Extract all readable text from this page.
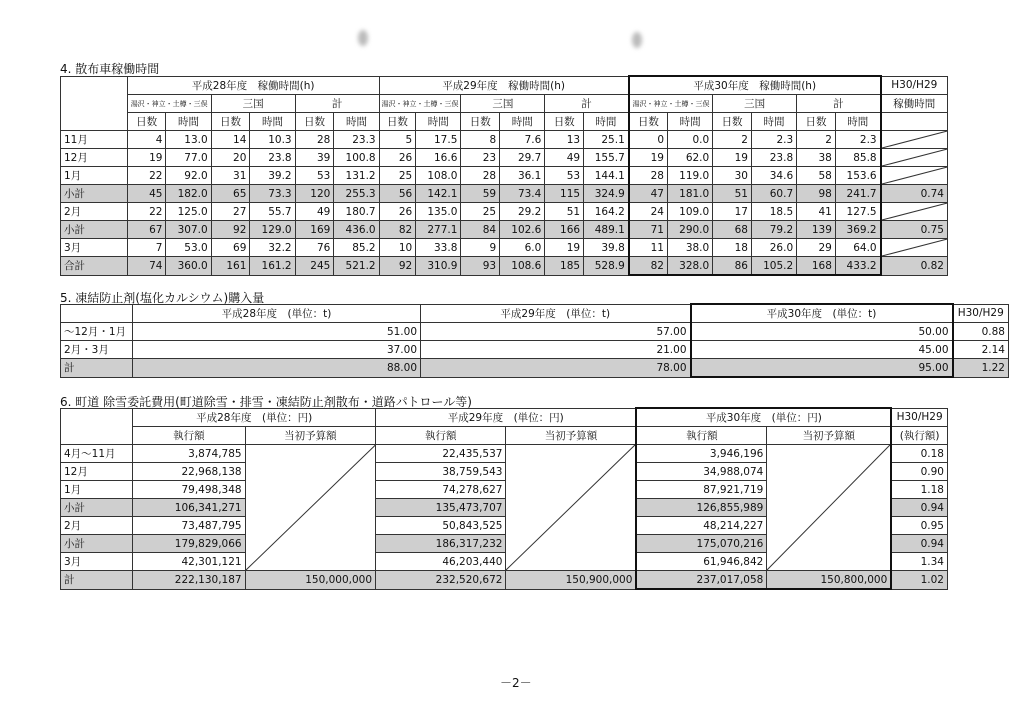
4. 散布車稼働時間
	平成28年度　稼働時間(h)						平成29年度　稼働時間(h)						平成30年度　稼働時間(h)						H30/H29
	湯沢・神立・土樽・三俣		三国		計		湯沢・神立・土樽・三俣		三国		計		湯沢・神立・土樽・三俣		三国		計		稼働時間
	日数	時間	日数	時間	日数	時間	日数	時間	日数	時間	日数	時間	日数	時間	日数	時間	日数	時間	
11月	4	13.0	14	10.3	28	23.3	5	17.5	8	7.6	13	25.1	0	0.0	2	2.3	2	2.3	

12月	19	77.0	20	23.8	39	100.8	26	16.6	23	29.7	49	155.7	19	62.0	19	23.8	38	85.8	

1月	22	92.0	31	39.2	53	131.2	25	108.0	28	36.1	53	144.1	28	119.0	30	34.6	58	153.6	

小計	45	182.0	65	73.3	120	255.3	56	142.1	59	73.4	115	324.9	47	181.0	51	60.7	98	241.7	0.74
2月	22	125.0	27	55.7	49	180.7	26	135.0	25	29.2	51	164.2	24	109.0	17	18.5	41	127.5	

小計	67	307.0	92	129.0	169	436.0	82	277.1	84	102.6	166	489.1	71	290.0	68	79.2	139	369.2	0.75
3月	7	53.0	69	32.2	76	85.2	10	33.8	9	6.0	19	39.8	11	38.0	18	26.0	29	64.0	

合計	74	360.0	161	161.2	245	521.2	92	310.9	93	108.6	185	528.9	82	328.0	86	105.2	168	433.2	0.82
5. 凍結防止剤(塩化カルシウム)購入量
	平成28年度　(単位：t)	平成29年度　(単位：t)	平成30年度　(単位：t)	H30/H29
～12月・1月	51.00	57.00	50.00	0.88
2月・3月	37.00	21.00	45.00	2.14
計	88.00	78.00	95.00	1.22
6. 町道 除雪委託費用(町道除雪・排雪・凍結防止剤散布・道路パトロール等)
	平成28年度　(単位：円)		平成29年度　(単位：円)		平成30年度　(単位：円)		H30/H29
	執行額	当初予算額	執行額	当初予算額	執行額	当初予算額	(執行額)
4月～11月	3,874,785		22,435,537		3,946,196		0.18
12月	22,968,138		38,759,543		34,988,074		0.90
1月	79,498,348		74,278,627		87,921,719		1.18
小計	106,341,271		135,473,707		126,855,989		0.94
2月	73,487,795		50,843,525		48,214,227		0.95
小計	179,829,066		186,317,232		175,070,216		0.94
3月	42,301,121		46,203,440		61,946,842		1.34
計	222,130,187	150,000,000	232,520,672	150,900,000	237,017,058	150,800,000	1.02
－2－
